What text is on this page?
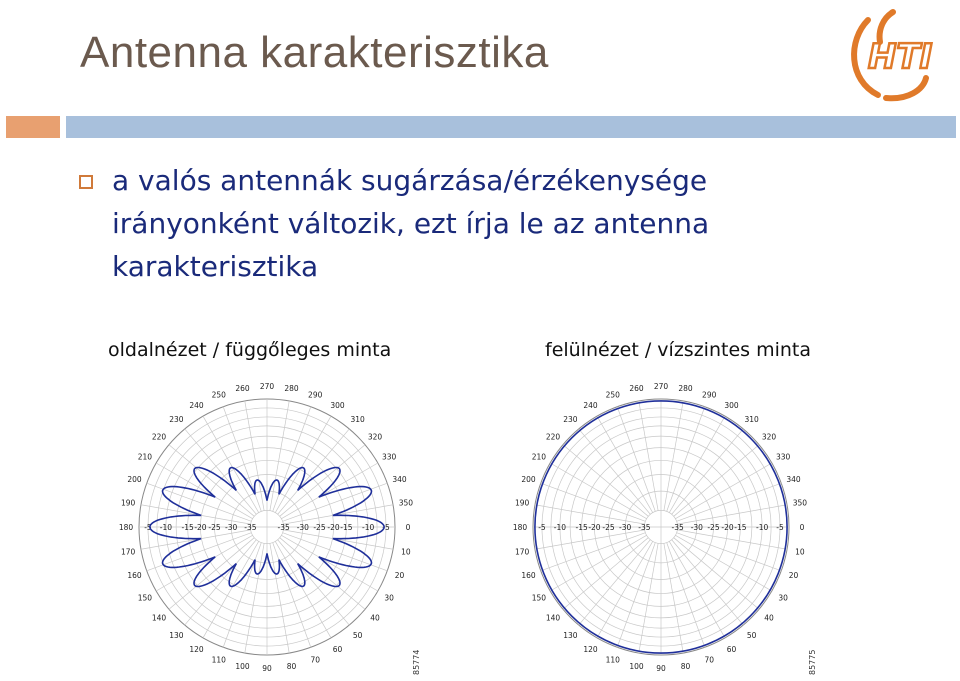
Antenna karakterisztika	HTI
a valós antennák sugárzása/érzékenysége irányonként változik, ezt írja le az antenna karakterisztika
oldalnézet / függőleges minta	felülnézet / vízszintes minta
0
10
20
30
40
50
60
70
80
90
100
110
120
130
140
150
160
170
180
190
200
210
220
230
240
250
260 270 280
290
300
310
320
330
340
350
-5	-5
-10	-10
-15	-15
-20	-20
-25	-25
-30	-30
-35	-35	0
10
20
30
40
50
60
70
80
90
100
110
120
130
140
150
160
170
180
190
200
210
220
230
240
250
260 270 280
290
300
310
320
330
340
350
-5	-5
-10	-10
-15	-15
-20	-20
-25	-25
-30	-30
-35	-35
85774	85775
